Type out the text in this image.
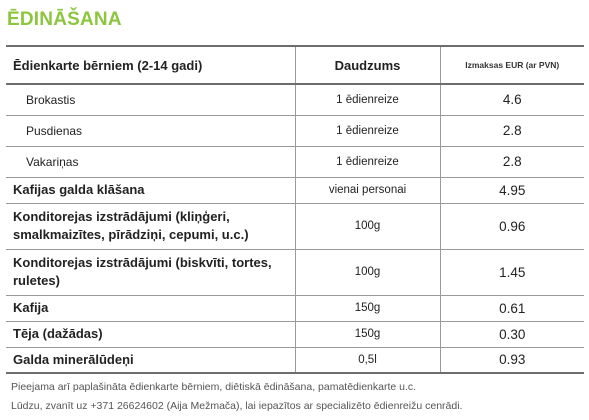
ĒDINĀŠANA
Ēdienkarte bērniem (2-14 gadi)	Daudzums	Izmaksas EUR (ar PVN)
Brokastis	1 ēdienreize	4.6
Pusdienas	1 ēdienreize	2.8
Vakariņas	1 ēdienreize	2.8
Kafijas galda klāšana	vienai personai	4.95
Konditorejas izstrādājumi (kliņģeri, smalkmaizītes, pīrādziņi, cepumi, u.c.)	100g	0.96
Konditorejas izstrādājumi (biskvīti, tortes, ruletes)	100g	1.45
Kafija	150g	0.61
Tēja (dažādas)	150g	0.30
Galda minerālūdeņi	0,5l	0.93
Pieejama arī paplašināta ēdienkarte bērniem, diētiskā ēdināšana, pamatēdienkarte u.c.
Lūdzu, zvanīt uz +371 26624602 (Aija Mežmača), lai iepazītos ar specializēto ēdienreižu cenrādi.
